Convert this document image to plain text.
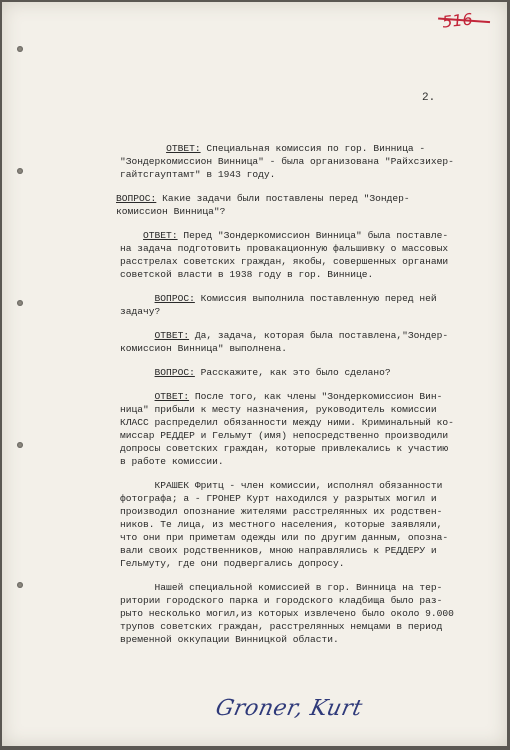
516
2.
ОТВЕТ: Специальная комиссия по гор. Винница -
"Зондеркомиссион Винница" - была организована "Райхсзихер-
гайтсгауптамт" в 1943 году.
ВОПРОС: Какие задачи были поставлены перед "Зондер-
комиссион Винница"?
ОТВЕТ: Перед "Зондеркомиссион Винница" была поставле-
на задача подготовить провакационную фальшивку о массовых
расстрелах советских граждан, якобы, совершенных органами
советской власти в 1938 году в гор. Виннице.
ВОПРОС: Комиссия выполнила поставленную перед ней
задачу?
ОТВЕТ: Да, задача, которая была поставлена,"Зондер-
комиссион Винница" выполнена.
ВОПРОС: Расскажите, как это было сделано?
ОТВЕТ: После того, как члены "Зондеркомиссион Вин-
ница" прибыли к месту назначения, руководитель комиссии
КЛАСС распределил обязанности между ними. Криминальный ко-
миссар РЕДДЕР и Гельмут (имя) непосредственно производили
допросы советских граждан, которые привлекались к участию
в работе комиссии.
КРАШЕК Фритц - член комиссии, исполнял обязанности
фотографа; а - ГРОНЕР Курт находился у разрытых могил и
производил опознание жителями расстрелянных их родствен-
ников. Те лица, из местного населения, которые заявляли,
что они при приметам одежды или по другим данным, опозна-
вали своих родственников, мною направлялись к РЕДДЕРУ и
Гельмуту, где они подвергались допросу.
Нашей специальной комиссией в гор. Винница на тер-
ритории городского парка и городского кладбища было раз-
рыто несколько могил,из которых извлечено было около 9.000
трупов советских граждан, расстрелянных немцами в период
временной оккупации Винницкой области.
Groner, Kurt
